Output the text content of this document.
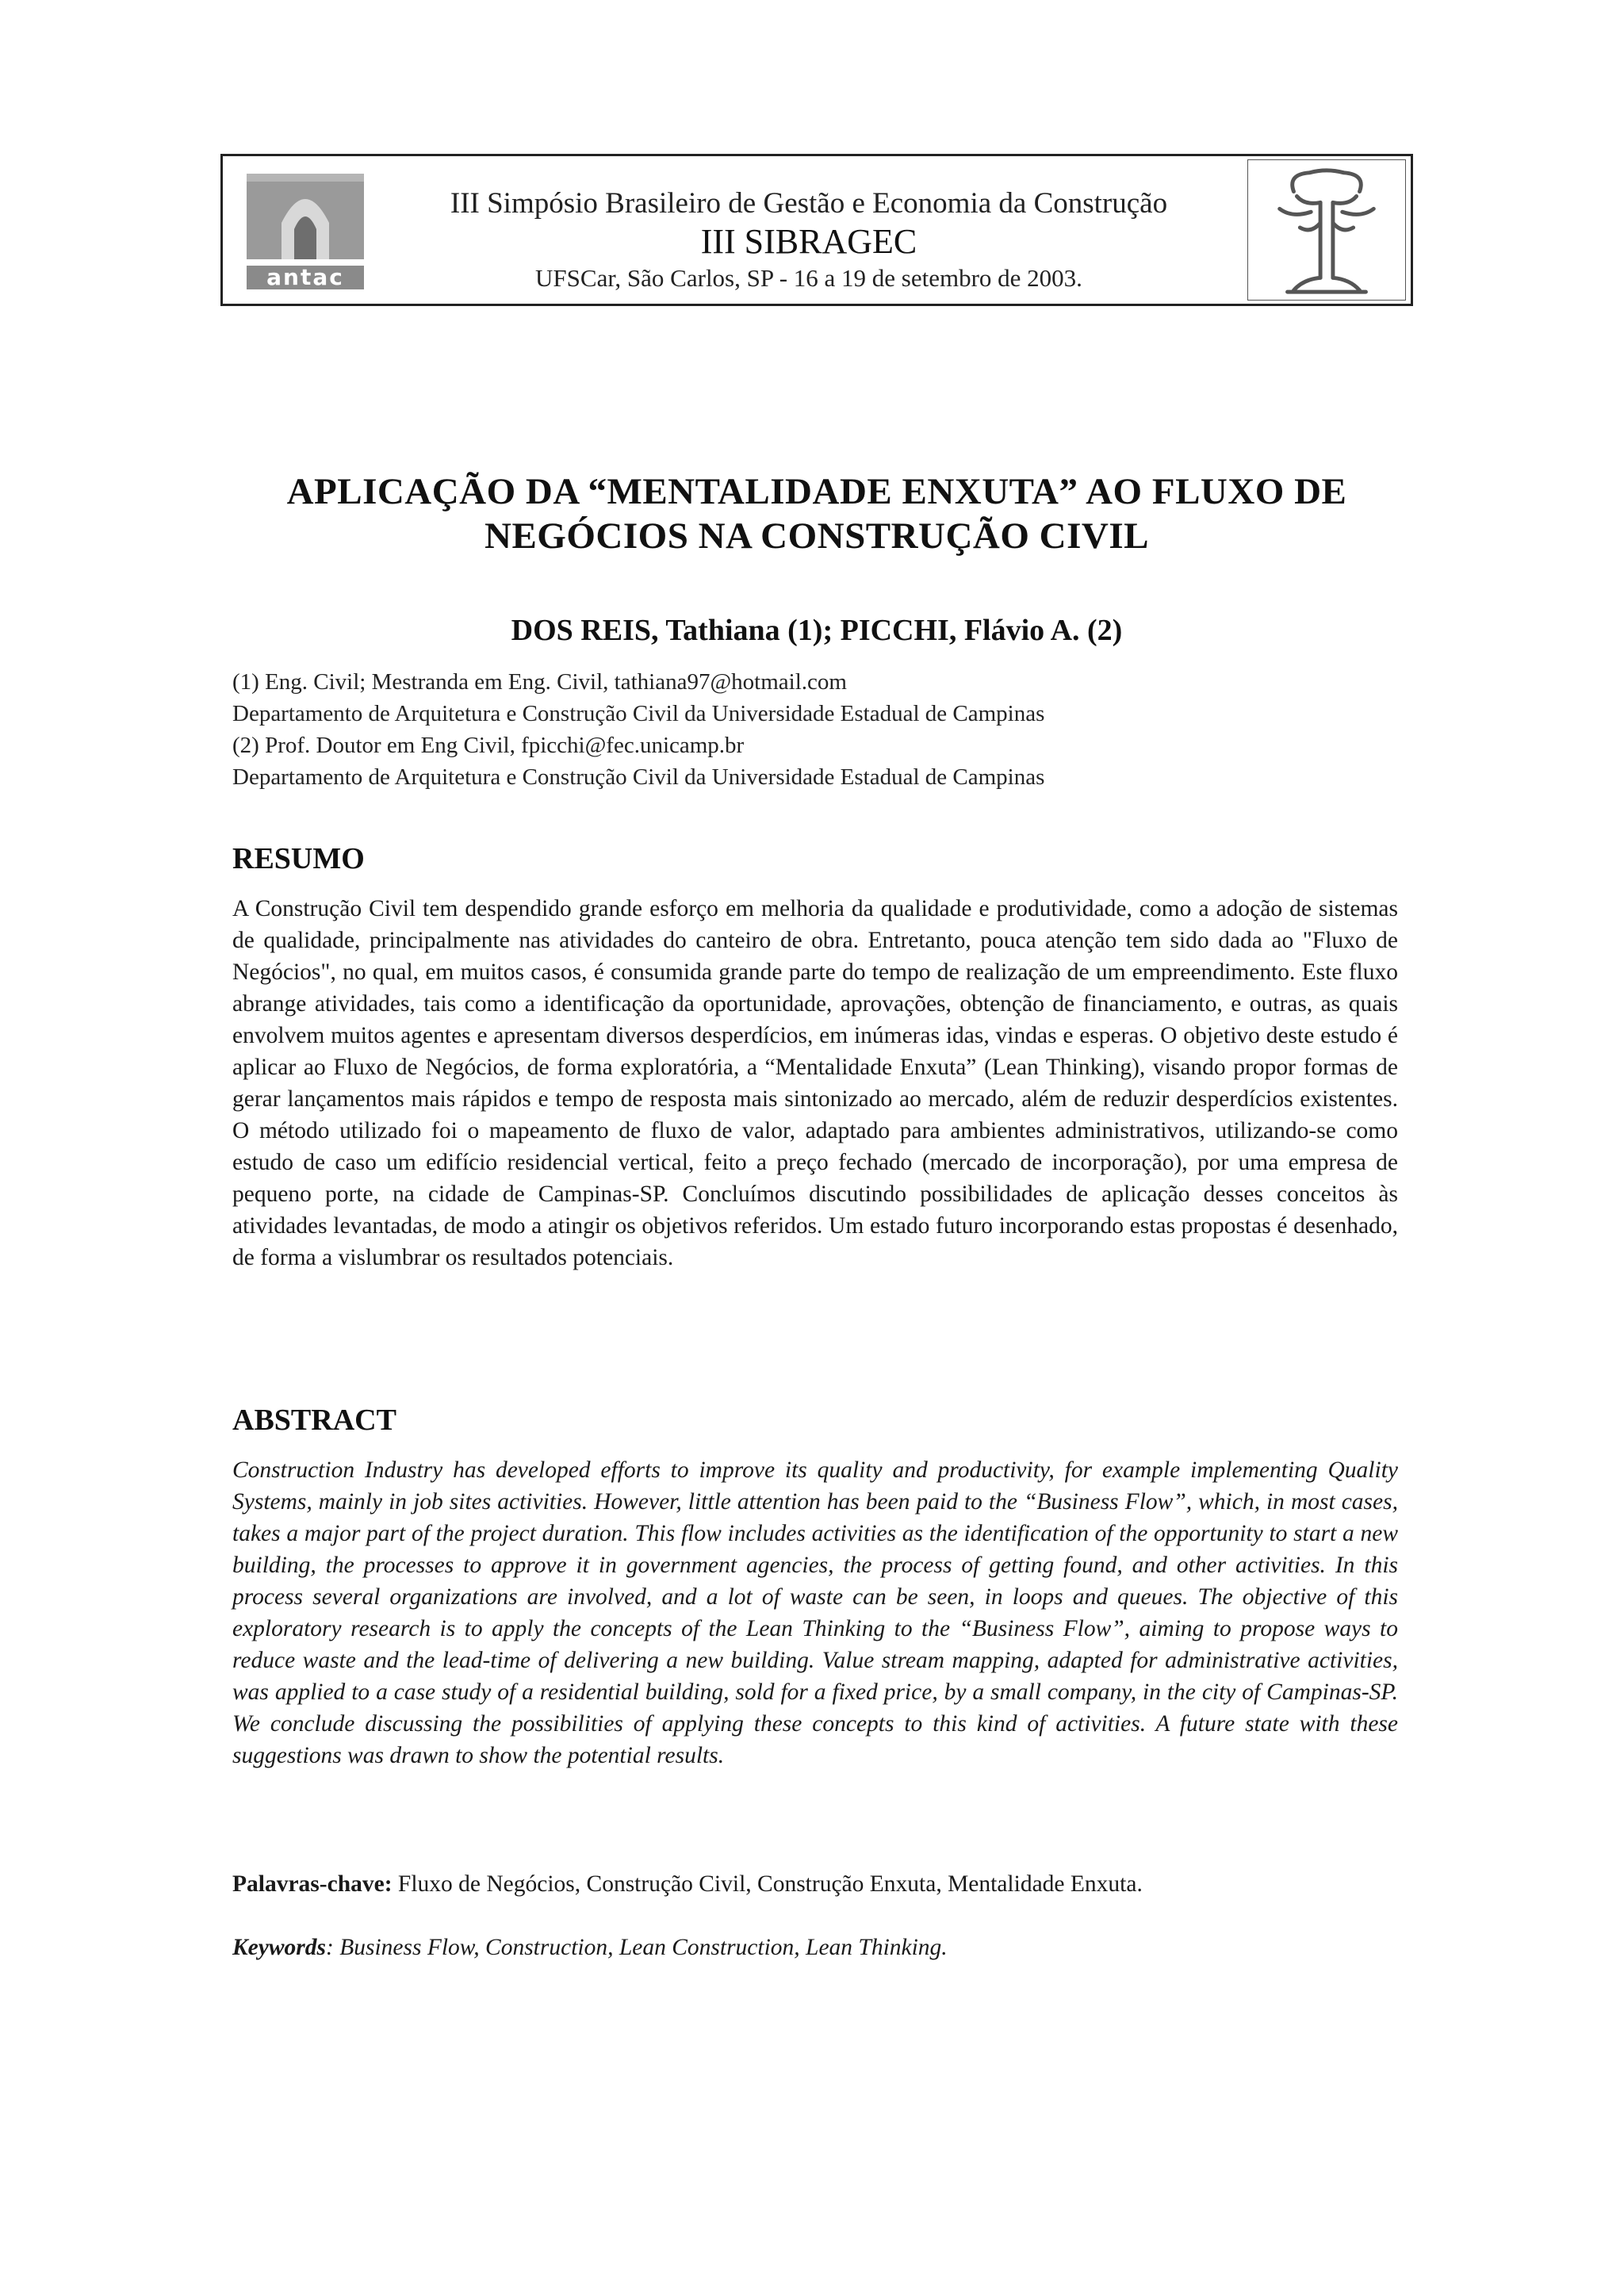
antac
III Simpósio Brasileiro de Gestão e Economia da Construção
III SIBRAGEC
UFSCar, São Carlos, SP - 16 a 19 de setembro de 2003.
APLICAÇÃO DA “MENTALIDADE ENXUTA” AO FLUXO DE
NEGÓCIOS NA CONSTRUÇÃO CIVIL
DOS REIS, Tathiana (1); PICCHI, Flávio A. (2)
(1) Eng. Civil; Mestranda em Eng. Civil, tathiana97@hotmail.com
Departamento de Arquitetura e Construção Civil da Universidade Estadual de Campinas
(2) Prof. Doutor em Eng Civil, fpicchi@fec.unicamp.br
Departamento de Arquitetura e Construção Civil da Universidade Estadual de Campinas
RESUMO

A Construção Civil tem despendido grande esforço em melhoria da qualidade e produtividade, como a adoção de sistemas de qualidade, principalmente nas atividades do canteiro de obra. Entretanto, pouca atenção tem sido dada ao "Fluxo de Negócios", no qual, em muitos casos, é consumida grande parte do tempo de realização de um empreendimento. Este fluxo abrange atividades, tais como a identificação da oportunidade, aprovações, obtenção de financiamento, e outras, as quais envolvem muitos agentes e apresentam diversos desperdícios, em inúmeras idas, vindas e esperas. O objetivo deste estudo é aplicar ao Fluxo de Negócios, de forma exploratória, a “Mentalidade Enxuta” (Lean Thinking), visando propor formas de gerar lançamentos mais rápidos e tempo de resposta mais sintonizado ao mercado, além de reduzir desperdícios existentes. O método utilizado foi o mapeamento de fluxo de valor, adaptado para ambientes administrativos, utilizando-se como estudo de caso um edifício residencial vertical, feito a preço fechado (mercado de incorporação), por uma empresa de pequeno porte, na cidade de Campinas-SP. Concluímos discutindo possibilidades de aplicação desses conceitos às atividades levantadas, de modo a atingir os objetivos referidos. Um estado futuro incorporando estas propostas é desenhado, de forma a vislumbrar os resultados potenciais.

ABSTRACT

Construction Industry has developed efforts to improve its quality and productivity, for example implementing Quality Systems, mainly in job sites activities. However, little attention has been paid to the “Business Flow”, which, in most cases, takes a major part of the project duration. This flow includes activities as the identification of the opportunity to start a new building, the processes to approve it in government agencies, the process of getting found, and other activities. In this process several organizations are involved, and a lot of waste can be seen, in loops and queues. The objective of this exploratory research is to apply the concepts of the Lean Thinking to the “Business Flow”, aiming to propose ways to reduce waste and the lead-time of delivering a new building. Value stream mapping, adapted for administrative activities, was applied to a case study of a residential building, sold for a fixed price, by a small company, in the city of Campinas-SP. We conclude discussing the possibilities of applying these concepts to this kind of activities. A future state with these suggestions was drawn to show the potential results.

Palavras-chave: Fluxo de Negócios, Construção Civil, Construção Enxuta, Mentalidade Enxuta.

Keywords: Business Flow, Construction, Lean Construction, Lean Thinking.
